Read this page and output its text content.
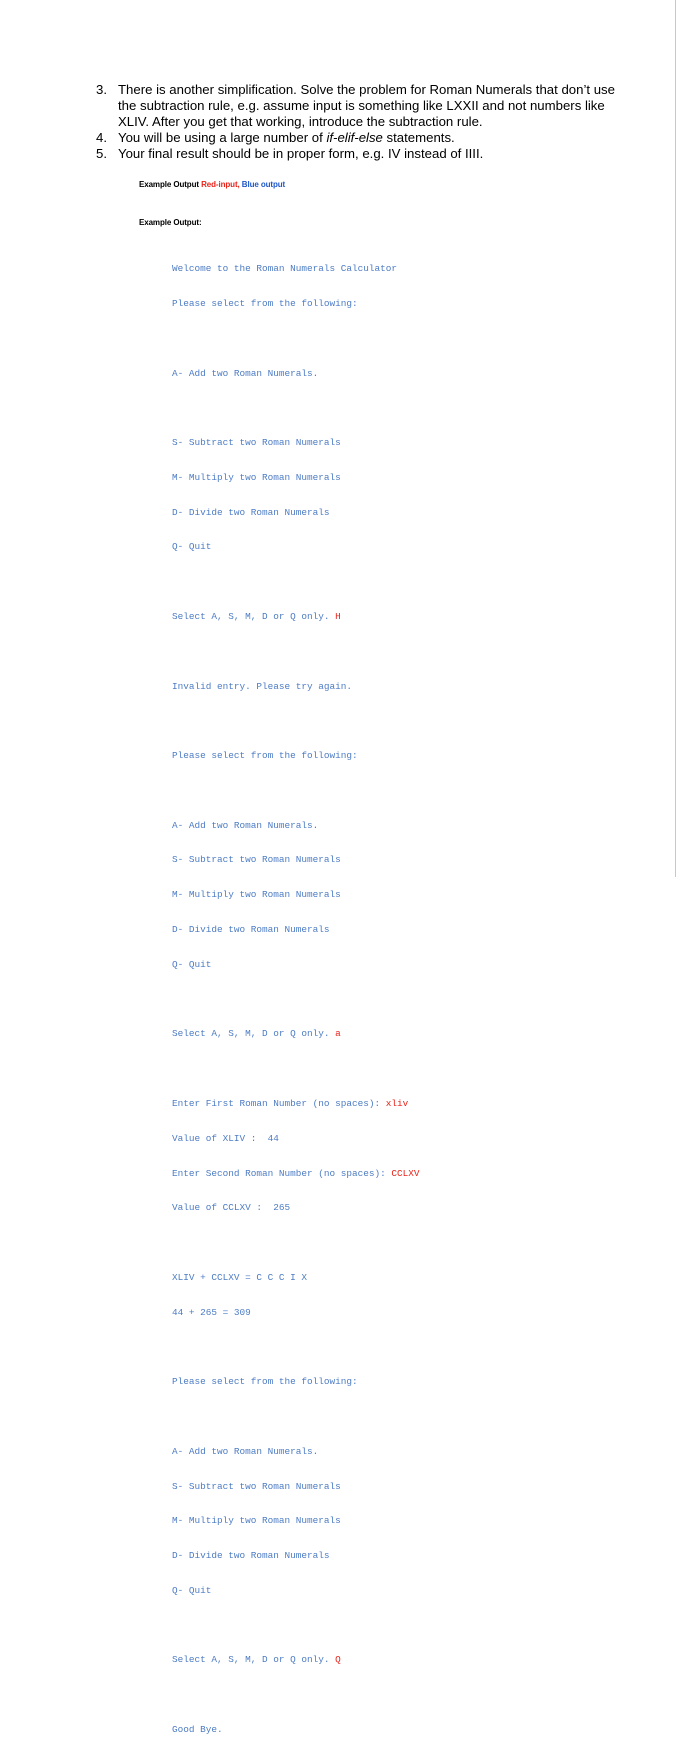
3. There is another simplification. Solve the problem for Roman Numerals that don’t use the subtraction rule, e.g. assume input is something like LXXII and not numbers like XLIV. After you get that working, introduce the subtraction rule.
4. You will be using a large number of if-elif-else statements.
5. Your final result should be in proper form, e.g. IV instead of IIII.
Example Output Red-input, Blue output
Example Output:

Welcome to the Roman Numerals Calculator

Please select from the following:

A- Add two Roman Numerals.

S- Subtract two Roman Numerals

M- Multiply two Roman Numerals

D- Divide two Roman Numerals

Q- Quit

Select A, S, M, D or Q only. H

Invalid entry. Please try again.

Please select from the following:

A- Add two Roman Numerals.

S- Subtract two Roman Numerals

M- Multiply two Roman Numerals

D- Divide two Roman Numerals

Q- Quit

Select A, S, M, D or Q only. a

Enter First Roman Number (no spaces): xliv

Value of XLIV :  44

Enter Second Roman Number (no spaces): CCLXV

Value of CCLXV :  265

XLIV + CCLXV = C C C I X

44 + 265 = 309

Please select from the following:

A- Add two Roman Numerals.

S- Subtract two Roman Numerals

M- Multiply two Roman Numerals

D- Divide two Roman Numerals

Q- Quit

Select A, S, M, D or Q only. Q

Good Bye.
